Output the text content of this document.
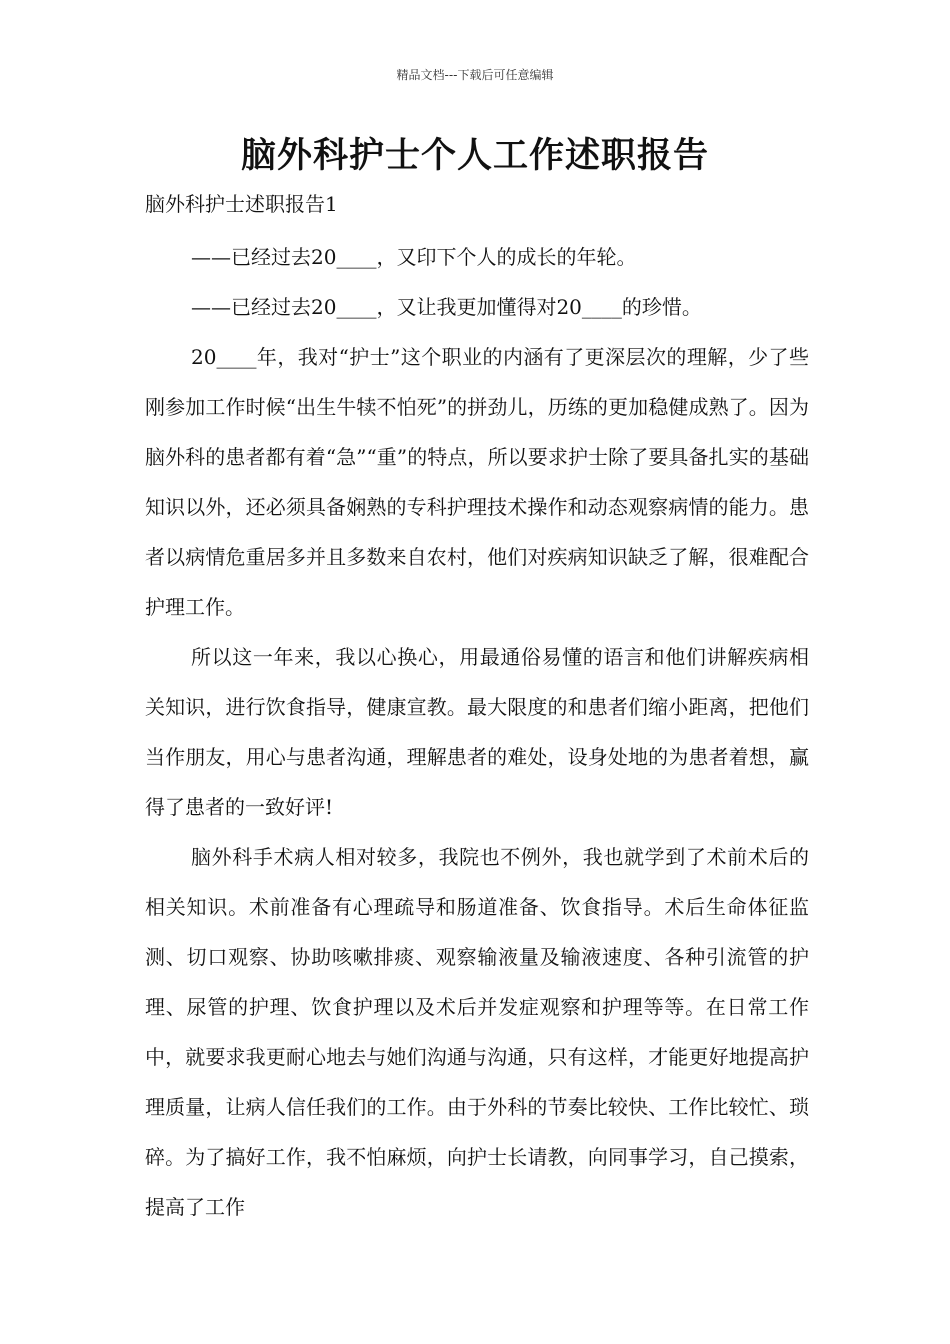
精品文档---下载后可任意编辑
脑外科护士个人工作述职报告
脑外科护士述职报告1

——已经过去20____，又印下个人的成长的年轮。

——已经过去20____，又让我更加懂得对20____的珍惜。

20____年，我对“护士”这个职业的内涵有了更深层次的理解，少了些刚参加工作时候“出生牛犊不怕死”的拼劲儿，历练的更加稳健成熟了。因为脑外科的患者都有着“急”“重”的特点，所以要求护士除了要具备扎实的基础知识以外，还必须具备娴熟的专科护理技术操作和动态观察病情的能力。患者以病情危重居多并且多数来自农村，他们对疾病知识缺乏了解，很难配合护理工作。

所以这一年来，我以心换心，用最通俗易懂的语言和他们讲解疾病相关知识，进行饮食指导，健康宣教。最大限度的和患者们缩小距离，把他们当作朋友，用心与患者沟通，理解患者的难处，设身处地的为患者着想，赢得了患者的一致好评!

脑外科手术病人相对较多，我院也不例外，我也就学到了术前术后的相关知识。术前准备有心理疏导和肠道准备、饮食指导。术后生命体征监测、切口观察、协助咳嗽排痰、观察输液量及输液速度、各种引流管的护理、尿管的护理、饮食护理以及术后并发症观察和护理等等。在日常工作中，就要求我更耐心地去与她们沟通与沟通，只有这样，才能更好地提高护理质量，让病人信任我们的工作。由于外科的节奏比较快、工作比较忙、琐碎。为了搞好工作，我不怕麻烦，向护士长请教，向同事学习，自己摸索，提高了工作
